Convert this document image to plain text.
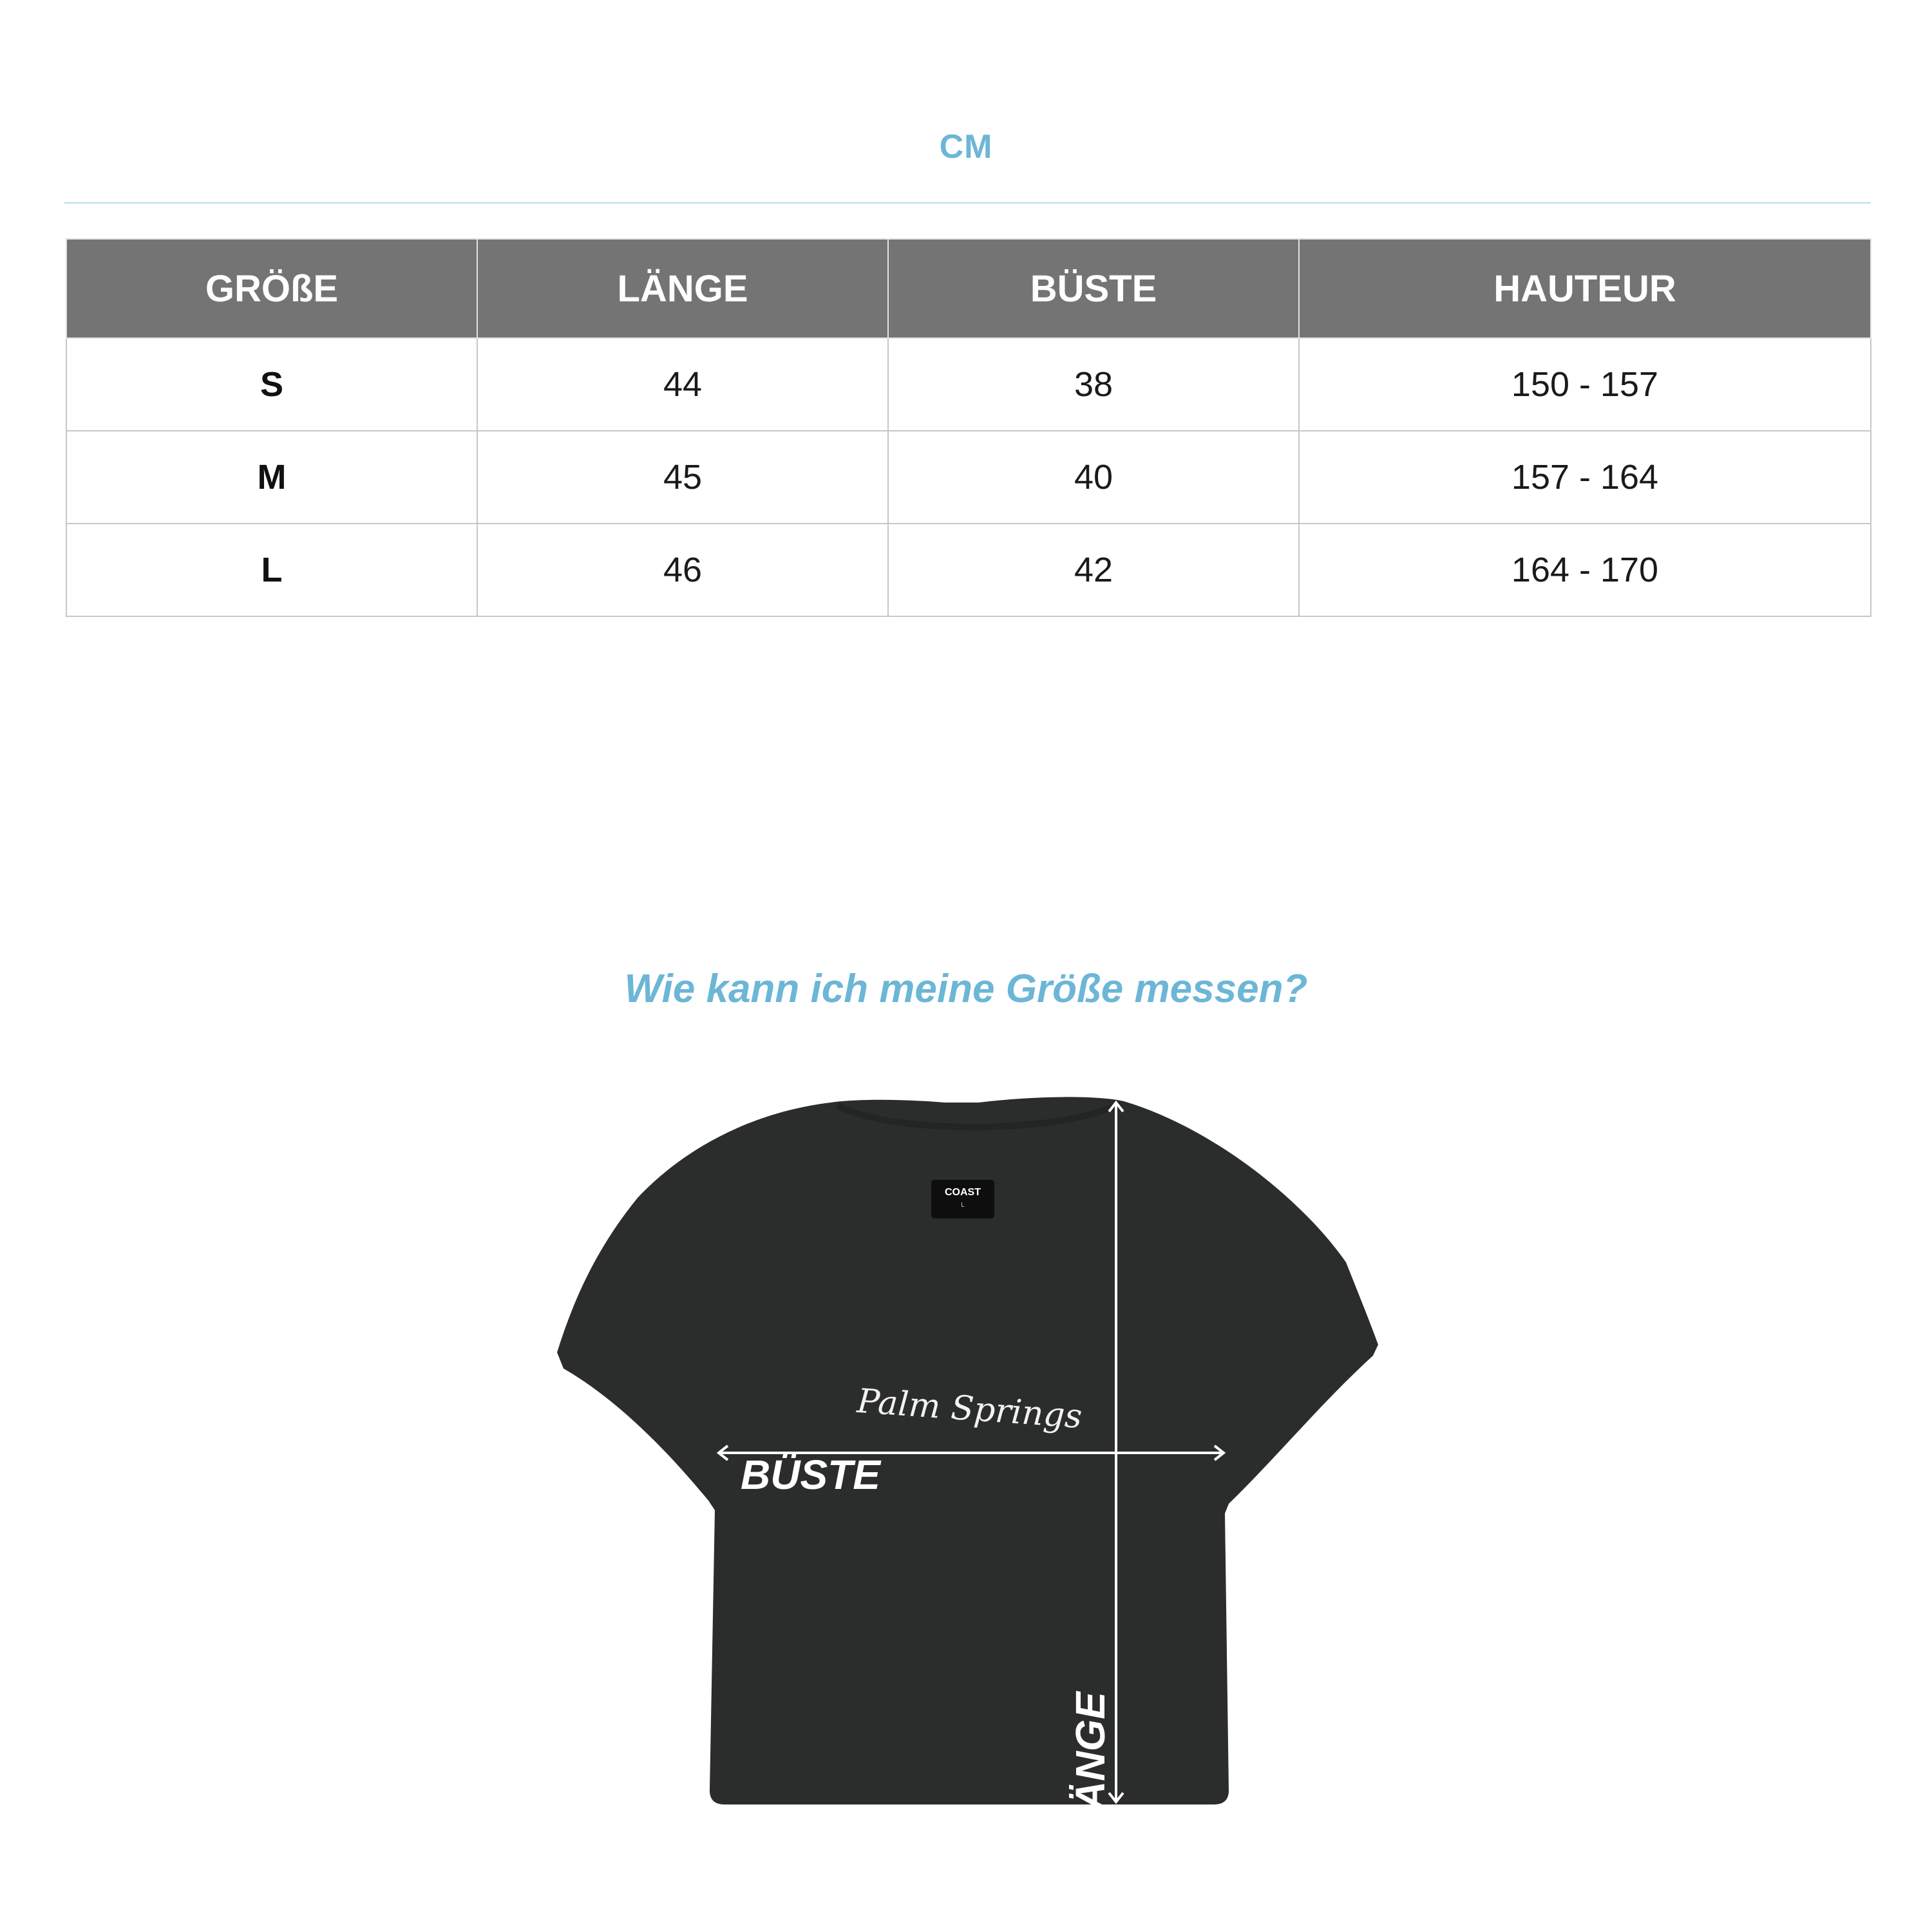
CM
GRÖßE	LÄNGE	BÜSTE	HAUTEUR
S	44	38	150 - 157
M	45	40	157 - 164
L	46	42	164 - 170
Wie kann ich meine Größe messen?
COAST
L
Palm Springs
BÜSTE
LÄNGE
